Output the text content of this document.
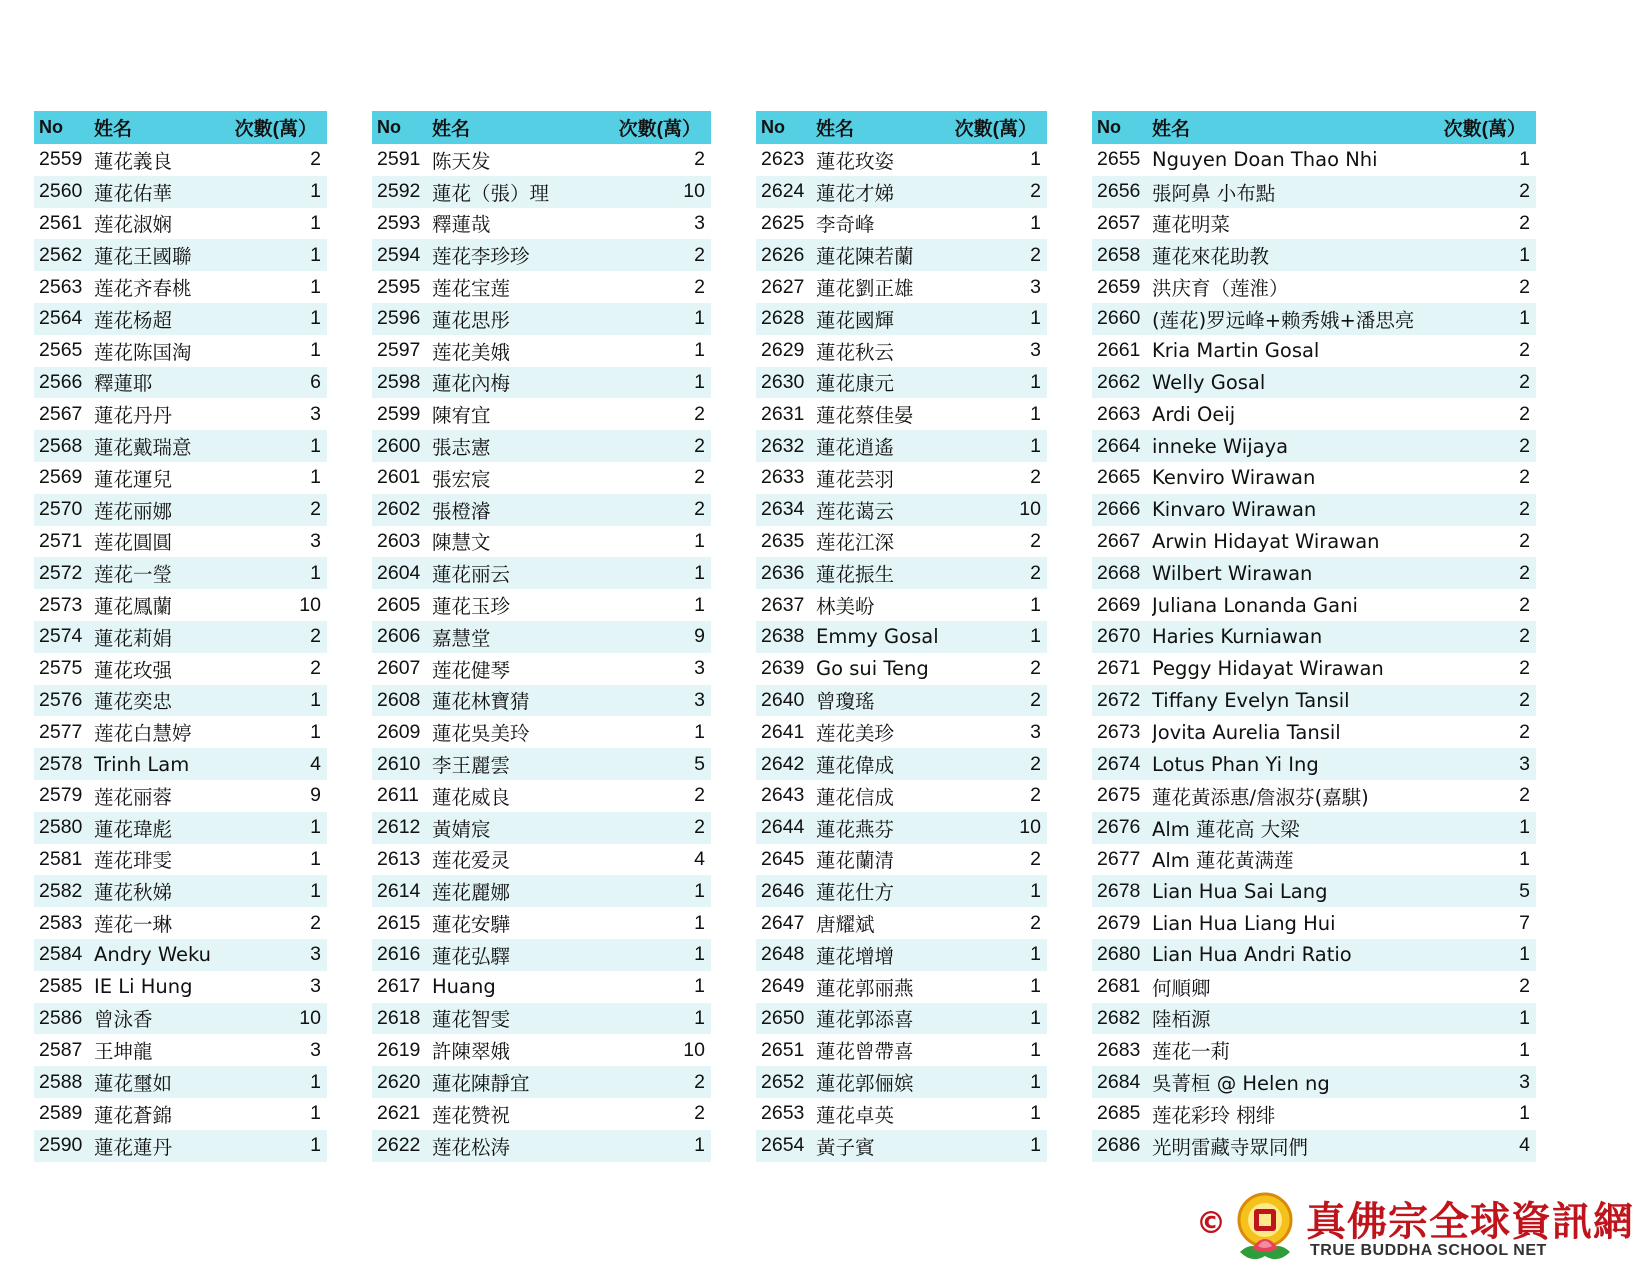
No	姓名	次數(萬）
2559 蓮花義良	2
2560 蓮花佑華	1
2561 莲花淑娴	1
2562 蓮花王國聯	1
2563 莲花齐春桃	1
2564 莲花杨超	1
2565 莲花陈国淘	1
2566 釋蓮耶	6
2567 蓮花丹丹	3
2568 蓮花戴瑞意	1
2569 蓮花運兒	1
2570 莲花丽娜	2
2571 莲花圓圓	3
2572 莲花一瑩	1
2573 蓮花鳳蘭	10
2574 蓮花莉娟	2
2575 蓮花玫强	2
2576 蓮花奕忠	1
2577 莲花白慧婷	1
2578 Trinh Lam	4
2579 莲花丽蓉	9
2580 蓮花瑋彪	1
2581 莲花琲雯	1
2582 蓮花秋娣	1
2583 莲花一琳	2
2584 Andry Weku	3
2585 IE Li Hung	3
2586 曾泳香	10
2587 王坤龍	3
2588 蓮花璽如	1
2589 蓮花蒼錦	1
2590 蓮花蓮丹	1
No	姓名	次數(萬）
2591 陈天发	2
2592 蓮花（張）理	10
2593 釋蓮哉	3
2594 莲花李珍珍	2
2595 莲花宝莲	2
2596 蓮花思彤	1
2597 莲花美娥	1
2598 蓮花內梅	1
2599 陳宥宜	2
2600 張志憲	2
2601 張宏宸	2
2602 張橙濬	2
2603 陳慧文	1
2604 蓮花丽云	1
2605 蓮花玉珍	1
2606 嘉慧堂	9
2607 莲花健琴	3
2608 蓮花林寶猜	3
2609 蓮花吳美玲	1
2610 李王麗雲	5
2611 蓮花威良	2
2612 黃婧宸	2
2613 莲花爱灵	4
2614 莲花麗娜	1
2615 蓮花安驊	1
2616 蓮花弘驛	1
2617 Huang	1
2618 蓮花智雯	1
2619 許陳翠娥	10
2620 蓮花陳靜宜	2
2621 莲花赞祝	2
2622 莲花松涛	1
No	姓名	次數(萬）
2623 蓮花玫姿	1
2624 蓮花才娣	2
2625 李奇峰	1
2626 蓮花陳若蘭	2
2627 蓮花劉正雄	3
2628 蓮花國輝	1
2629 蓮花秋云	3
2630 蓮花康元	1
2631 蓮花蔡佳晏	1
2632 蓮花逍遙	1
2633 蓮花芸羽	2
2634 莲花蔼云	10
2635 莲花江深	2
2636 蓮花振生	2
2637 林美岎	1
2638 Emmy Gosal	1
2639 Go sui Teng	2
2640 曾瓊瑤	2
2641 莲花美珍	3
2642 蓮花偉成	2
2643 蓮花信成	2
2644 蓮花燕芬	10
2645 蓮花蘭清	2
2646 蓮花仕方	1
2647 唐耀斌	2
2648 蓮花增增	1
2649 蓮花郭丽燕	1
2650 蓮花郭添喜	1
2651 蓮花曾帶喜	1
2652 蓮花郭俪嫔	1
2653 蓮花卓英	1
2654 黃子賓	1
No	姓名	次數(萬）
2655 Nguyen Doan Thao Nhi	1
2656 張阿鼻 小布點	2
2657 蓮花明菜	2
2658 蓮花來花助教	1
2659 洪庆育（莲淮）	2
2660 (莲花)罗远峰+赖秀娥+潘思亮	1
2661 Kria Martin Gosal	2
2662 Welly Gosal	2
2663 Ardi Oeij	2
2664 inneke Wijaya	2
2665 Kenviro Wirawan	2
2666 Kinvaro Wirawan	2
2667 Arwin Hidayat Wirawan	2
2668 Wilbert Wirawan	2
2669 Juliana Lonanda Gani	2
2670 Haries Kurniawan	2
2671 Peggy Hidayat Wirawan	2
2672 Tiffany Evelyn Tansil	2
2673 Jovita Aurelia Tansil	2
2674 Lotus Phan Yi Ing	3
2675 蓮花黃添惠/詹淑芬(嘉騏)	2
2676 Alm 蓮花高 大梁	1
2677 Alm 蓮花黃满莲	1
2678 Lian Hua Sai Lang	5
2679 Lian Hua Liang Hui	7
2680 Lian Hua Andri Ratio	1
2681 何順卿	2
2682 陸栢源	1
2683 莲花一莉	1
2684 吳菁桓 @ Helen ng	3
2685 莲花彩玲 栩绯	1
2686 光明雷藏寺眾同們	4
© 真佛宗全球資訊網
TRUE BUDDHA SCHOOL NET
